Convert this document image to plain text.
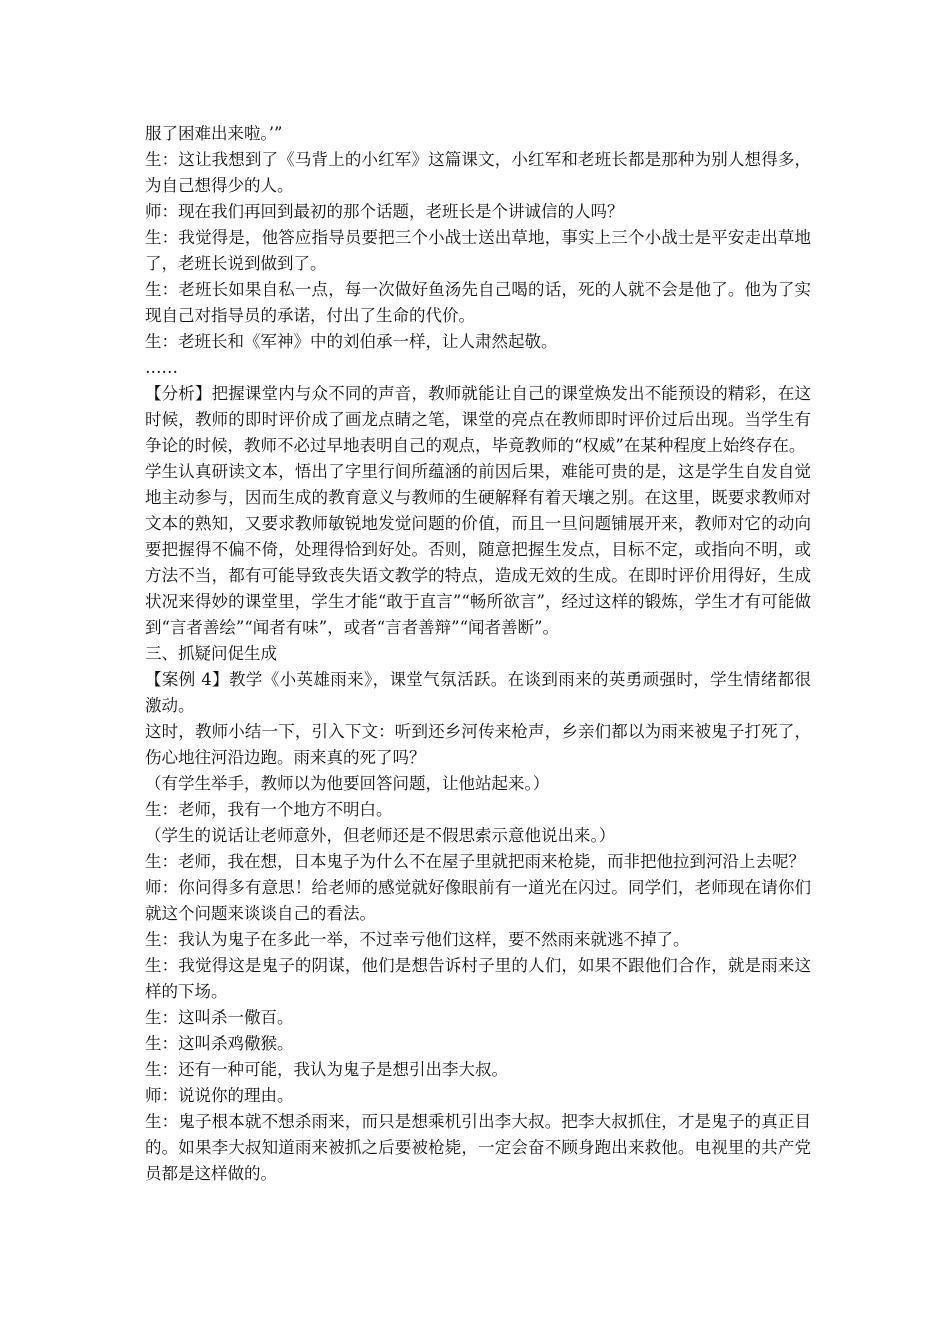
服了困难出来啦。’”

生：这让我想到了《马背上的小红军》这篇课文，小红军和老班长都是那种为别人想得多，为自己想得少的人。

师：现在我们再回到最初的那个话题，老班长是个讲诚信的人吗？

生：我觉得是，他答应指导员要把三个小战士送出草地，事实上三个小战士是平安走出草地了，老班长说到做到了。

生：老班长如果自私一点，每一次做好鱼汤先自己喝的话，死的人就不会是他了。他为了实现自己对指导员的承诺，付出了生命的代价。

生：老班长和《军神》中的刘伯承一样，让人肃然起敬。

……

【分析】把握课堂内与众不同的声音，教师就能让自己的课堂焕发出不能预设的精彩，在这时候，教师的即时评价成了画龙点睛之笔，课堂的亮点在教师即时评价过后出现。当学生有争论的时候，教师不必过早地表明自己的观点，毕竟教师的“权威”在某种程度上始终存在。

学生认真研读文本，悟出了字里行间所蕴涵的前因后果，难能可贵的是，这是学生自发自觉地主动参与，因而生成的教育意义与教师的生硬解释有着天壤之别。在这里，既要求教师对文本的熟知，又要求教师敏锐地发觉问题的价值，而且一旦问题铺展开来，教师对它的动向要把握得不偏不倚，处理得恰到好处。否则，随意把握生发点，目标不定，或指向不明，或方法不当，都有可能导致丧失语文教学的特点，造成无效的生成。在即时评价用得好，生成状况来得妙的课堂里，学生才能“敢于直言”“畅所欲言”，经过这样的锻炼，学生才有可能做到“言者善绘”“闻者有味”，或者“言者善辩”“闻者善断”。

三、抓疑问促生成

【案例 4】教学《小英雄雨来》，课堂气氛活跃。在谈到雨来的英勇顽强时，学生情绪都很激动。

这时，教师小结一下，引入下文：听到还乡河传来枪声，乡亲们都以为雨来被鬼子打死了，伤心地往河沿边跑。雨来真的死了吗？

（有学生举手，教师以为他要回答问题，让他站起来。）

生：老师，我有一个地方不明白。

（学生的说话让老师意外，但老师还是不假思索示意他说出来。）

生：老师，我在想，日本鬼子为什么不在屋子里就把雨来枪毙，而非把他拉到河沿上去呢？

师：你问得多有意思！给老师的感觉就好像眼前有一道光在闪过。同学们，老师现在请你们就这个问题来谈谈自己的看法。

生：我认为鬼子在多此一举，不过幸亏他们这样，要不然雨来就逃不掉了。

生：我觉得这是鬼子的阴谋，他们是想告诉村子里的人们，如果不跟他们合作，就是雨来这样的下场。

生：这叫杀一儆百。

生：这叫杀鸡儆猴。

生：还有一种可能，我认为鬼子是想引出李大叔。

师：说说你的理由。

生：鬼子根本就不想杀雨来，而只是想乘机引出李大叔。把李大叔抓住，才是鬼子的真正目的。如果李大叔知道雨来被抓之后要被枪毙，一定会奋不顾身跑出来救他。电视里的共产党员都是这样做的。
